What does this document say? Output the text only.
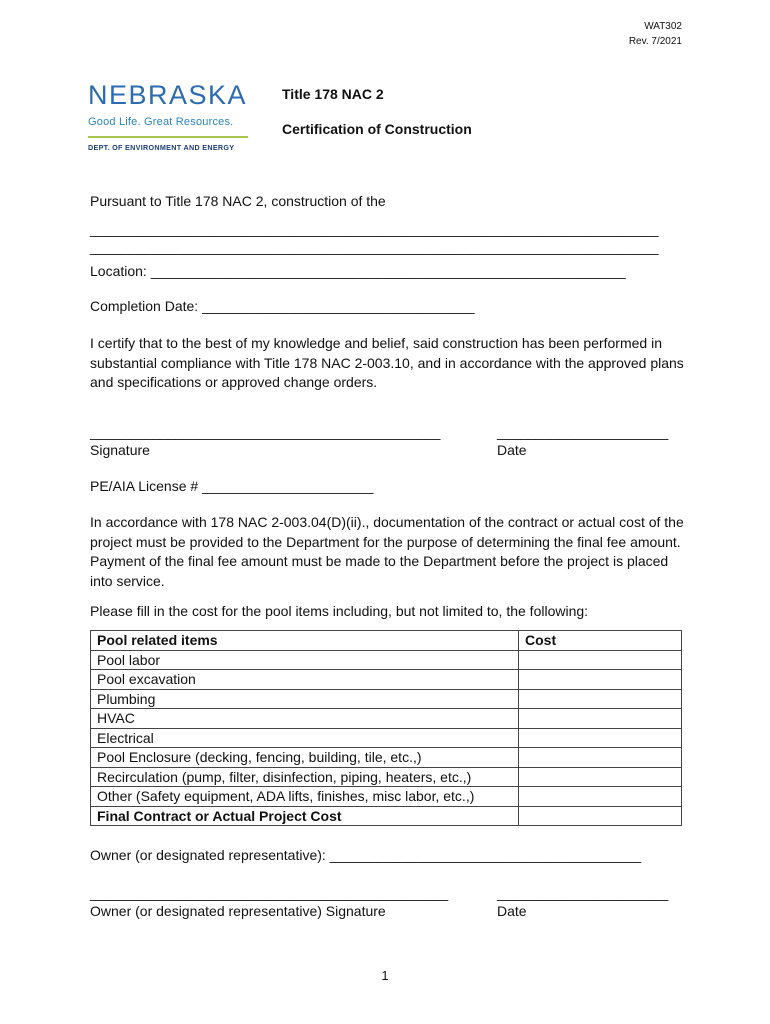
WAT302
Rev. 7/2021
NEBRASKA
Good Life. Great Resources.
DEPT. OF ENVIRONMENT AND ENERGY
Title 178 NAC 2
Certification of Construction
Pursuant to Title 178 NAC 2, construction of the
_________________________________________________________________________
_________________________________________________________________________
Location: _____________________________________________________________
Completion Date: ___________________________________
I certify that to the best of my knowledge and belief, said construction has been performed in substantial compliance with Title 178 NAC 2-003.10, and in accordance with the approved plans and specifications or approved change orders.
_____________________________________________
Signature
______________________
Date
PE/AIA License # ______________________
In accordance with 178 NAC 2-003.04(D)(ii)., documentation of the contract or actual cost of the project must be provided to the Department for the purpose of determining the final fee amount. Payment of the final fee amount must be made to the Department before the project is placed into service.
Please fill in the cost for the pool items including, but not limited to, the following:
Pool related items	Cost
Pool labor	
Pool excavation	
Plumbing	
HVAC	
Electrical	
Pool Enclosure (decking, fencing, building, tile, etc.,)	
Recirculation (pump, filter, disinfection, piping, heaters, etc.,)	
Other (Safety equipment, ADA lifts, finishes, misc labor, etc.,)	
Final Contract or Actual Project Cost	
Owner (or designated representative): ________________________________________
______________________________________________
Owner (or designated representative) Signature
______________________
Date
1
